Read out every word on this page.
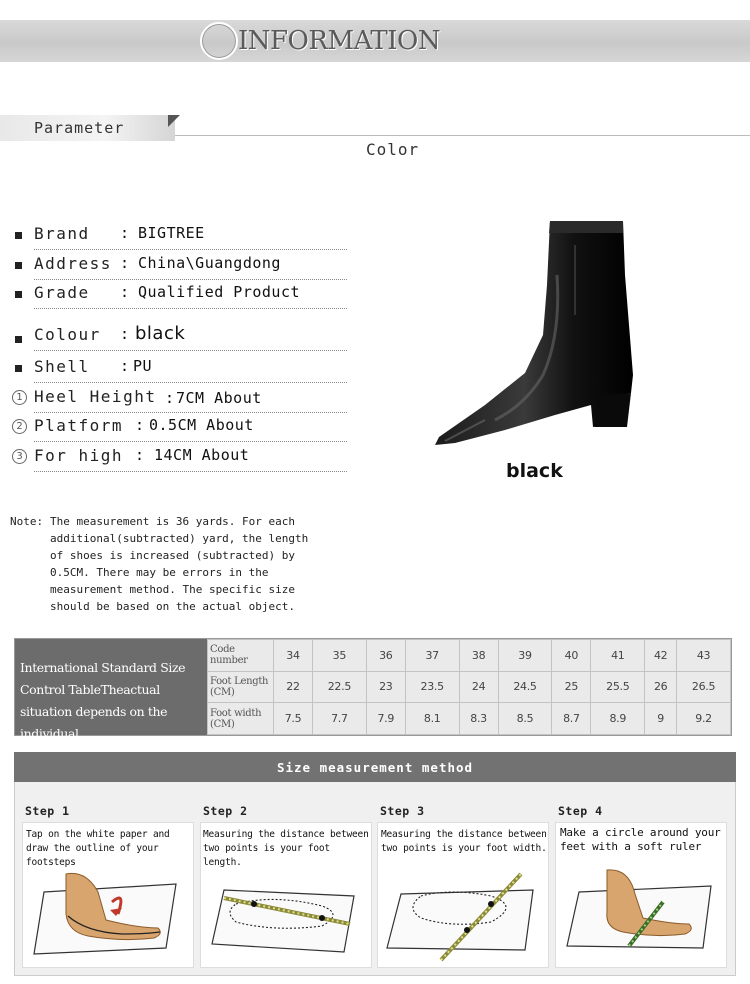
INFORMATION
Parameter
Color
Brand : BIGTREE
Address : China\Guangdong
Grade : Qualified Product
Colour : black
Shell : PU
1 Heel Height : 7CM About
2 Platform : 0.5CM About
3 For high : 14CM About
black
Note: The measurement is 36 yards. For each additional(subtracted) yard, the length of shoes is increased (subtracted) by 0.5CM. There may be errors in the measurement method. The specific size should be based on the actual object.
International Standard Size Control TableTheactual situation depends on the individual.
Code number	34	35	36	37	38	39	40	41	42	43
Foot Length (CM)	22	22.5	23	23.5	24	24.5	25	25.5	26	26.5
Foot width (CM)	7.5	7.7	7.9	8.1	8.3	8.5	8.7	8.9	9	9.2
Size measurement method
Step 1
Tap on the white paper and draw the outline of your footsteps
Step 2
Measuring the distance between two points is your foot length.
Step 3
Measuring the distance between two points is your foot width.
Step 4
Make a circle around your feet with a soft ruler
